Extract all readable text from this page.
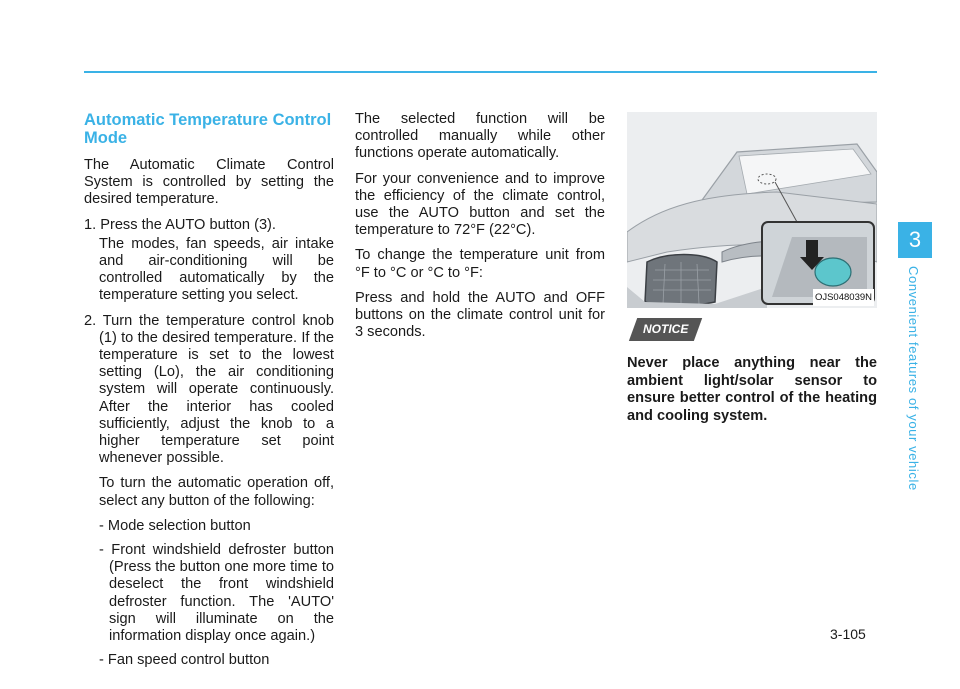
Automatic Temperature Control Mode

The Automatic Climate Control System is controlled by setting the desired temperature.

1. Press the AUTO button (3).
The modes, fan speeds, air intake and air-conditioning will be controlled automatically by the temperature setting you select.
2. Turn the temperature control knob (1) to the desired temperature. If the temperature is set to the lowest setting (Lo), the air conditioning system will operate continuously. After the interior has cooled sufficiently, adjust the knob to a higher temperature set point whenever possible.
To turn the automatic operation off, select any button of the following:
- Mode selection button
- Front windshield defroster button (Press the button one more time to deselect the front windshield defroster function. The 'AUTO' sign will illuminate on the information display once again.)
- Fan speed control button

The selected function will be controlled manually while other functions operate automatically.

For your convenience and to improve the efficiency of the climate control, use the AUTO button and set the temperature to 72°F (22°C).

To change the temperature unit from °F to °C or °C to °F:

Press and hold the AUTO and OFF buttons on the climate control unit for 3 seconds.

OJS048039N
NOTICE
Never place anything near the ambient light/solar sensor to ensure better control of the heating and cooling system.
3
Convenient features of your vehicle
3-105
